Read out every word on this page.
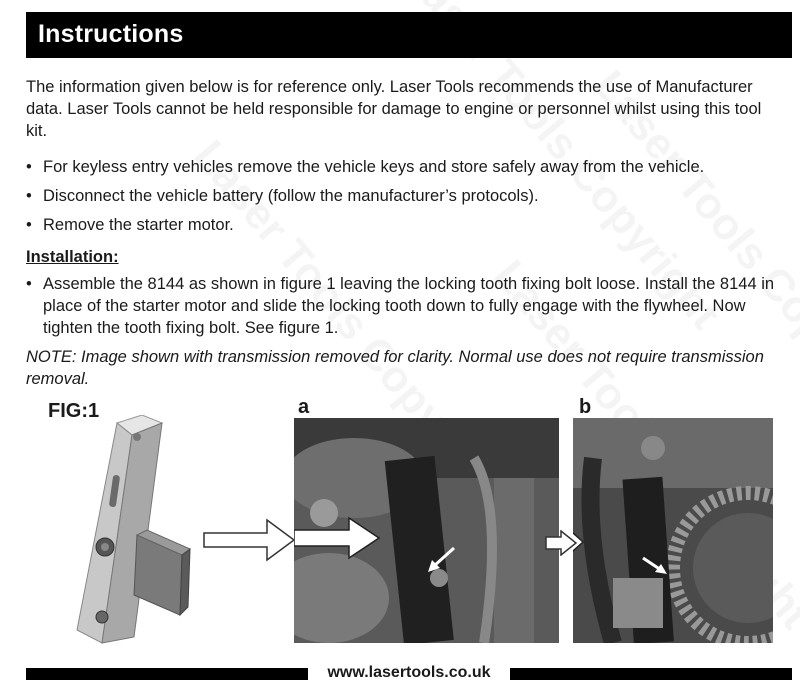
Instructions
The information given below is for reference only. Laser Tools recommends the use of Manufacturer data. Laser Tools cannot be held responsible for damage to engine or personnel whilst using this tool kit.
• For keyless entry vehicles remove the vehicle keys and store safely away from the vehicle.
• Disconnect the vehicle battery (follow the manufacturer’s protocols).
• Remove the starter motor.
Installation:
• Assemble the 8144 as shown in figure 1 leaving the locking tooth fixing bolt loose. Install the 8144 in place of the starter motor and slide the locking tooth down to fully engage with the flywheel. Now tighten the tooth fixing bolt. See figure 1.
NOTE: Image shown with transmission removed for clarity. Normal use does not require transmission removal.
FIG:1	a	b
www.lasertools.co.uk
